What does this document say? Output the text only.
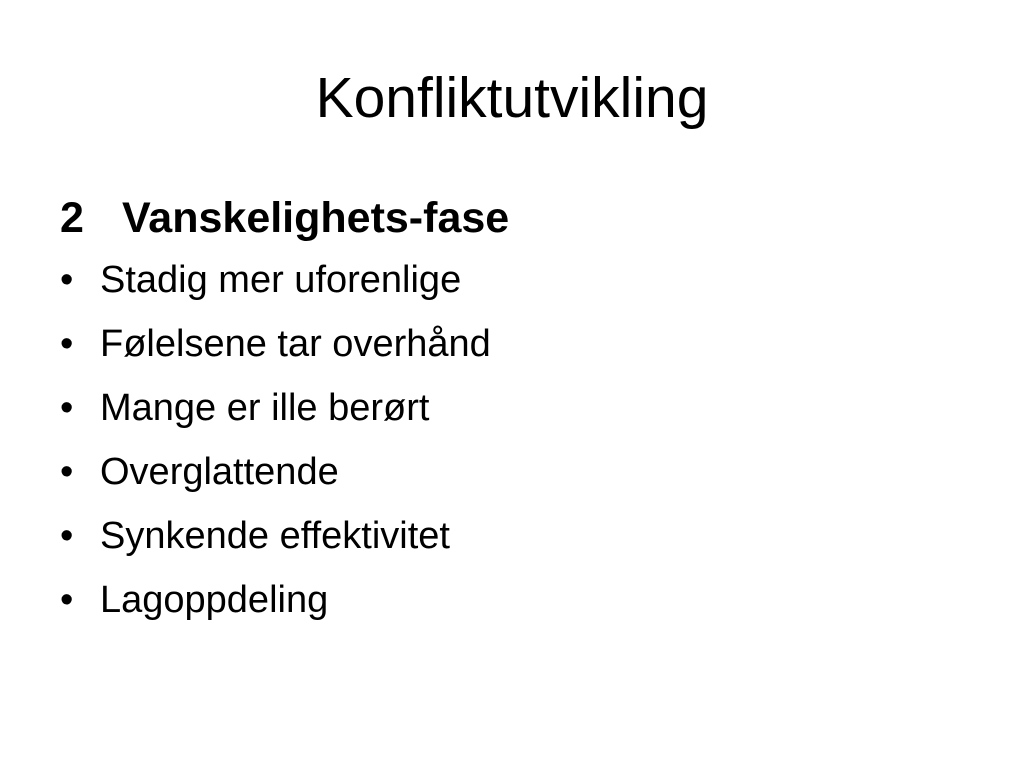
Konfliktutvikling
2 Vanskelighets-fase
• Stadig mer uforenlige
• Følelsene tar overhånd
• Mange er ille berørt
• Overglattende
• Synkende effektivitet
• Lagoppdeling
